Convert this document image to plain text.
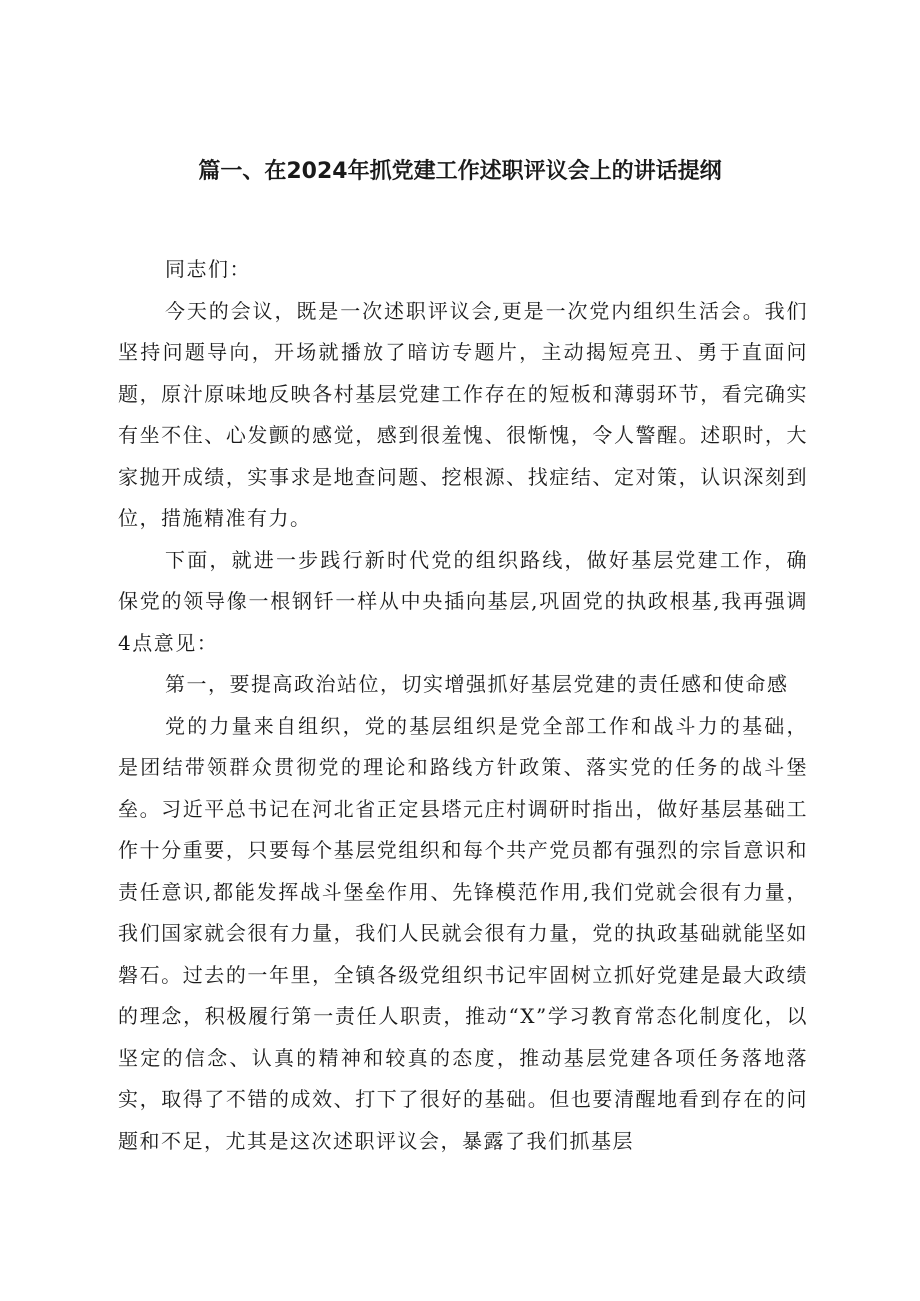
篇一、在2024年抓党建工作述职评议会上的讲话提纲

同志们：

今天的会议，既是一次述职评议会,更是一次党内组织生活会。我们坚持问题导向，开场就播放了暗访专题片，主动揭短亮丑、勇于直面问题，原汁原味地反映各村基层党建工作存在的短板和薄弱环节，看完确实有坐不住、心发颤的感觉，感到很羞愧、很惭愧，令人警醒。述职时，大家抛开成绩，实事求是地查问题、挖根源、找症结、定对策，认识深刻到位，措施精准有力。

下面，就进一步践行新时代党的组织路线，做好基层党建工作，确保党的领导像一根钢钎一样从中央插向基层,巩固党的执政根基,我再强调4点意见：

第一，要提高政治站位，切实增强抓好基层党建的责任感和使命感

党的力量来自组织，党的基层组织是党全部工作和战斗力的基础，是团结带领群众贯彻党的理论和路线方针政策、落实党的任务的战斗堡垒。习近平总书记在河北省正定县塔元庄村调研时指出，做好基层基础工作十分重要，只要每个基层党组织和每个共产党员都有强烈的宗旨意识和责任意识,都能发挥战斗堡垒作用、先锋模范作用,我们党就会很有力量，我们国家就会很有力量，我们人民就会很有力量，党的执政基础就能坚如磐石。过去的一年里，全镇各级党组织书记牢固树立抓好党建是最大政绩的理念，积极履行第一责任人职责，推动“X”学习教育常态化制度化，以坚定的信念、认真的精神和较真的态度，推动基层党建各项任务落地落实，取得了不错的成效、打下了很好的基础。但也要清醒地看到存在的问题和不足，尤其是这次述职评议会，暴露了我们抓基层
